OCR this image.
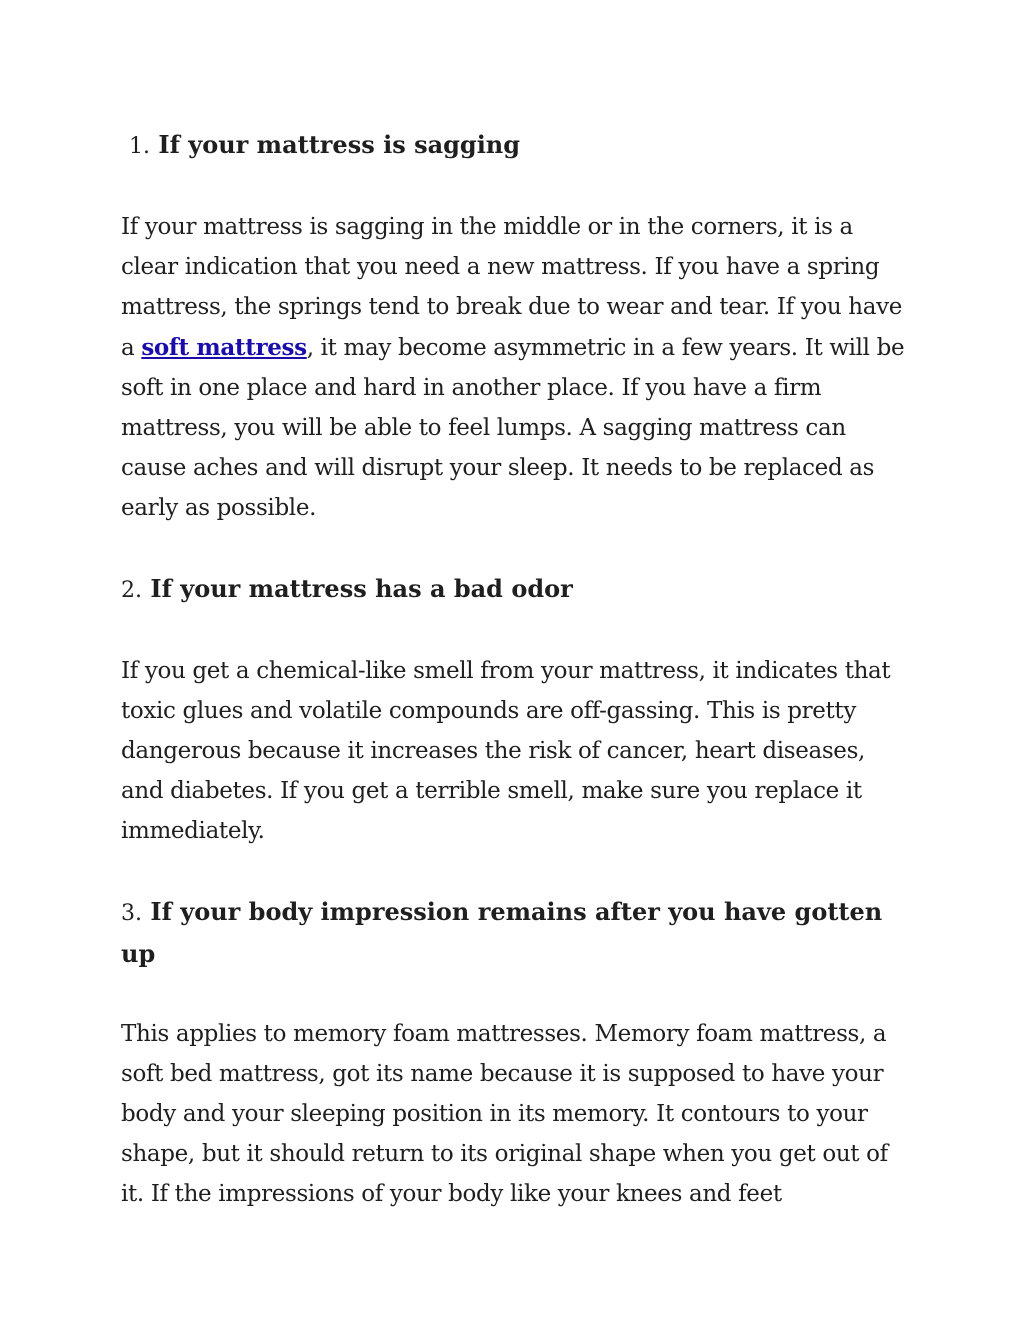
1. If your mattress is sagging

If your mattress is sagging in the middle or in the corners, it is a clear indication that you need a new mattress. If you have a spring mattress, the springs tend to break due to wear and tear. If you have a soft mattress, it may become asymmetric in a few years. It will be soft in one place and hard in another place. If you have a firm mattress, you will be able to feel lumps. A sagging mattress can cause aches and will disrupt your sleep. It needs to be replaced as early as possible.

2. If your mattress has a bad odor

If you get a chemical-like smell from your mattress, it indicates that toxic glues and volatile compounds are off-gassing. This is pretty dangerous because it increases the risk of cancer, heart diseases, and diabetes. If you get a terrible smell, make sure you replace it immediately.

3. If your body impression remains after you have gotten up

This applies to memory foam mattresses. Memory foam mattress, a soft bed mattress, got its name because it is supposed to have your body and your sleeping position in its memory. It contours to your shape, but it should return to its original shape when you get out of it. If the impressions of your body like your knees and feet
